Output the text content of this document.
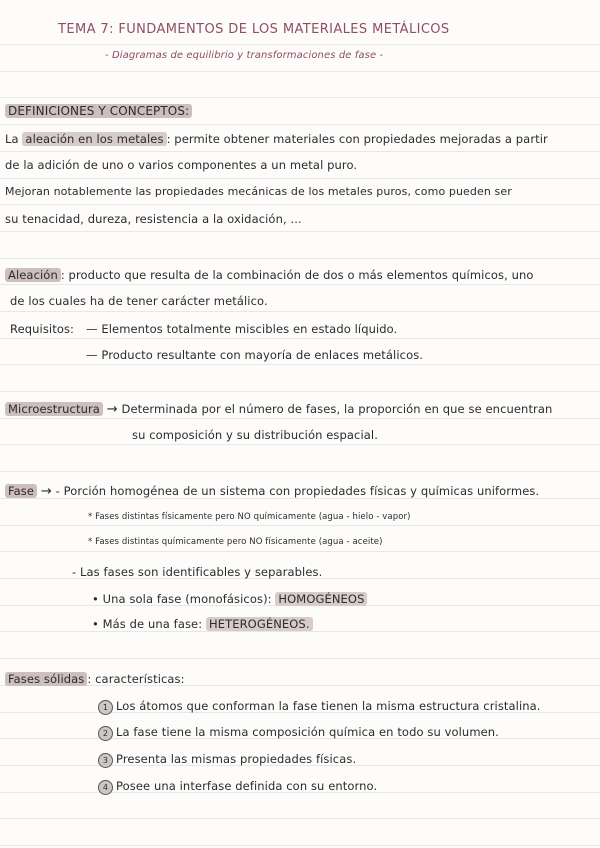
TEMA 7: FUNDAMENTOS DE LOS MATERIALES METÁLICOS
- Diagramas de equilibrio y transformaciones de fase -
DEFINICIONES Y CONCEPTOS:
La aleación en los metales : permite obtener materiales con propiedades mejoradas a partir
de la adición de uno o varios componentes a un metal puro.
Mejoran notablemente las propiedades mecánicas de los metales puros, como pueden ser
su tenacidad, dureza, resistencia a la oxidación, ...
Aleación : producto que resulta de la combinación de dos o más elementos químicos, uno
de los cuales ha de tener carácter metálico.
Requisitos: — Elementos totalmente miscibles en estado líquido.
— Producto resultante con mayoría de enlaces metálicos.
Microestructura → Determinada por el número de fases, la proporción en que se encuentran
su composición y su distribución espacial.
Fase → - Porción homogénea de un sistema con propiedades físicas y químicas uniformes.
* Fases distintas físicamente pero NO químicamente (agua - hielo - vapor)
* Fases distintas químicamente pero NO físicamente (agua - aceite)
- Las fases son identificables y separables.
• Una sola fase (monofásicos): HOMOGÉNEOS
• Más de una fase: HETEROGÉNEOS.
Fases sólidas : características:
1 Los átomos que conforman la fase tienen la misma estructura cristalina.
2 La fase tiene la misma composición química en todo su volumen.
3 Presenta las mismas propiedades físicas.
4 Posee una interfase definida con su entorno.
